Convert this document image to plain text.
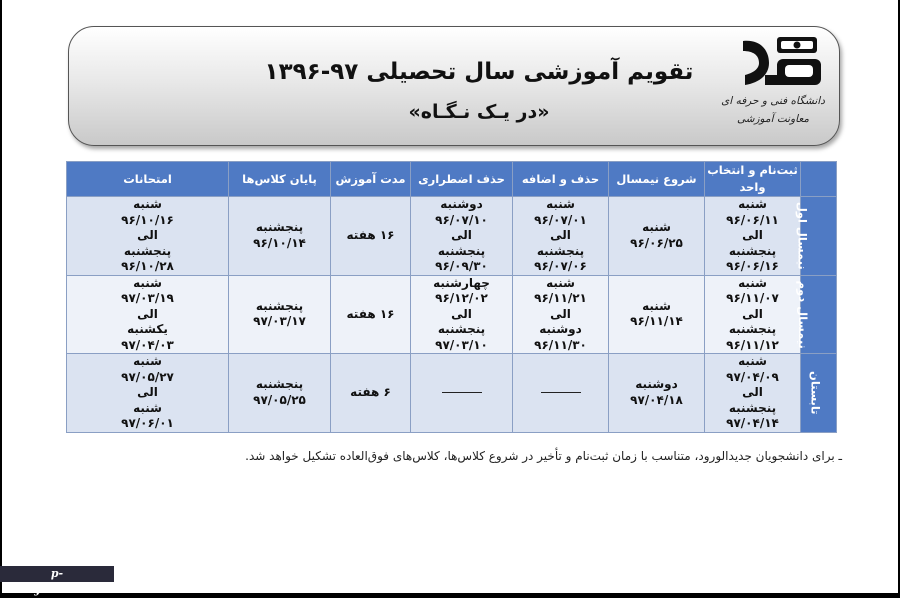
تقویم آموزشی سال تحصیلی ۹۷-۱۳۹۶
«در یـک نـگـاه»	دانشگاه فنی و حرفه ای
معاونت آموزشی
	ثبت‌نام و انتخاب واحد	شروع نیمسال	حذف و اضافه	حذف اضطراری	مدت آموزش	پایان کلاس‌ها	امتحانات
نیمسال اول	شنبه
۹۶/۰۶/۱۱
الی
پنجشنبه
۹۶/۰۶/۱۶	شنبه
۹۶/۰۶/۲۵	شنبه
۹۶/۰۷/۰۱
الی
پنجشنبه
۹۶/۰۷/۰۶	دوشنبه
۹۶/۰۷/۱۰
الی
پنجشنبه
۹۶/۰۹/۳۰	۱۶ هفته	پنجشنبه
۹۶/۱۰/۱۴	شنبه
۹۶/۱۰/۱۶
الی
پنجشنبه
۹۶/۱۰/۲۸
نیمسال دوم	شنبه
۹۶/۱۱/۰۷
الی
پنجشنبه
۹۶/۱۱/۱۲	شنبه
۹۶/۱۱/۱۴	شنبه
۹۶/۱۱/۲۱
الی
دوشنبه
۹۶/۱۱/۳۰	چهارشنبه
۹۶/۱۲/۰۲
الی
پنجشنبه
۹۷/۰۳/۱۰	۱۶ هفته	پنجشنبه
۹۷/۰۳/۱۷	شنبه
۹۷/۰۳/۱۹
الی
یکشنبه
۹۷/۰۴/۰۳
تابستان	شنبه
۹۷/۰۴/۰۹
الی
پنجشنبه
۹۷/۰۴/۱۴	دوشنبه
۹۷/۰۴/۱۸			۶ هفته	پنجشنبه
۹۷/۰۵/۲۵	شنبه
۹۷/۰۵/۲۷
الی
شنبه
۹۷/۰۶/۰۱
ـ برای دانشجویان جدیدالورود، متناسب با زمان ثبت‌نام و تأخیر در شروع کلاس‌ها، کلاس‌های فوق‌العاده تشکیل خواهد شد.
p-malayer.nus.ac.ir
